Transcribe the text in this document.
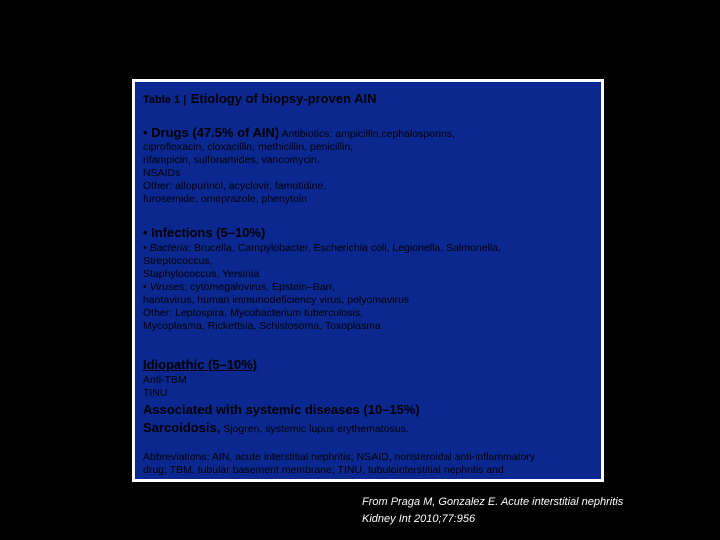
Table 1 | Etiology of biopsy-proven AIN
• Drugs (47.5% of AIN) Antibiotics: ampicillin,cephalosporins,
ciprofloxacin, cloxacillin, methicillin, penicillin,
rifampicin, sulfonamides, vancomycin.
NSAIDs
Other: allopurinol, acyclovir, famotidine,
furosemide, omeprazole, phenytoin
• Infections (5–10%)
• Bacteria: Brucella, Campylobacter, Escherichia coli, Legionella, Salmonella,
Streptococcus,
Staphylococcus, Yersinia
• Viruses: cytomegalovirus, Epstein–Barr,
hantavirus, human immunodeficiency virus, polyomavirus
Other: Leptospira, Mycobacterium tuberculosis,
Mycoplasma, Rickettsia, Schistosoma, Toxoplasma
Idiopathic (5–10%)
Anti-TBM
TINU
Associated with systemic diseases (10–15%)
Sarcoidosis, Sjogren, systemic lupus erythematosus.
Abbreviations: AIN, acute interstitial nephritis; NSAID, nonsteroidal anti-inflammatory
drug; TBM, tubular basement membrane; TINU, tubulointerstitial nephritis and
From Praga M, Gonzalez E. Acute interstitial nephritis
Kidney Int 2010;77:956
